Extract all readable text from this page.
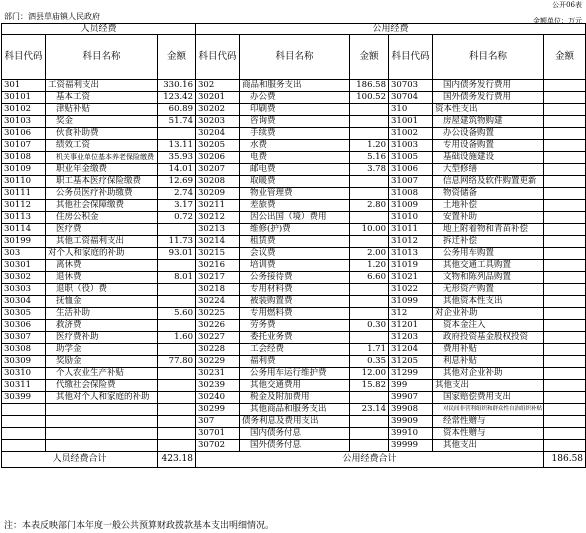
公开06表
部门：泗县草庙镇人民政府	金额单位：万元
人员经费			公用经费					
科目代码	科目名称	金额	科目代码	科目名称	金额	科目代码	科目名称	金额
301	工资福利支出	330.16	302	商品和服务支出	186.58	30703	国内债务发行费用	
30101	基本工资	123.42	30201	办公费	100.52	30704	国外债务发行费用	
30102	津贴补贴	60.89	30202	印刷费		310	资本性支出	
30103	奖金	51.74	30203	咨询费		31001	房屋建筑物购建	
30106	伙食补助费		30204	手续费		31002	办公设备购置	
30107	绩效工资	13.11	30205	水费	1.20	31003	专用设备购置	
30108	机关事业单位基本养老保险缴费	35.93	30206	电费	5.16	31005	基础设施建设	
30109	职业年金缴费	14.01	30207	邮电费	3.78	31006	大型修缮	
30110	职工基本医疗保险缴费	12.69	30208	取暖费		31007	信息网络及软件购置更新	
30111	公务员医疗补助缴费	2.74	30209	物业管理费		31008	物资储备	
30112	其他社会保障缴费	3.17	30211	差旅费	2.80	31009	土地补偿	
30113	住房公积金	0.72	30212	因公出国（境）费用		31010	安置补助	
30114	医疗费		30213	维修(护)费	10.00	31011	地上附着物和青苗补偿	
30199	其他工资福利支出	11.73	30214	租赁费		31012	拆迁补偿	
303	对个人和家庭的补助	93.01	30215	会议费	2.00	31013	公务用车购置	
30301	离休费		30216	培训费	1.20	31019	其他交通工具购置	
30302	退休费	8.01	30217	公务接待费	6.60	31021	文物和陈列品购置	
30303	退职（役）费		30218	专用材料费		31022	无形资产购置	
30304	抚恤金		30224	被装购置费		31099	其他资本性支出	
30305	生活补助	5.60	30225	专用燃料费		312	对企业补助	
30306	救济费		30226	劳务费	0.30	31201	资本金注入	
30307	医疗费补助	1.60	30227	委托业务费		31203	政府投资基金股权投资	
30308	助学金		30228	工会经费	1.71	31204	费用补贴	
30309	奖励金	77.80	30229	福利费	0.35	31205	利息补贴	
30310	个人农业生产补贴		30231	公务用车运行维护费	12.00	31299	其他对企业补助	
30311	代缴社会保险费		30239	其他交通费用	15.82	399	其他支出	
30399	其他对个人和家庭的补助		30240	税金及附加费用		39907	国家赔偿费用支出	
			30299	其他商品和服务支出	23.14	39908	对民间非营利组织和群众性自治组织补贴	
			307	债务利息及费用支出		39909	经常性赠与	
			30701	国内债务付息		39910	资本性赠与	
			30702	国外债务付息		39999	其他支出	
人员经费合计		423.18	公用经费合计					186.58
注：本表反映部门本年度一般公共预算财政拨款基本支出明细情况。
